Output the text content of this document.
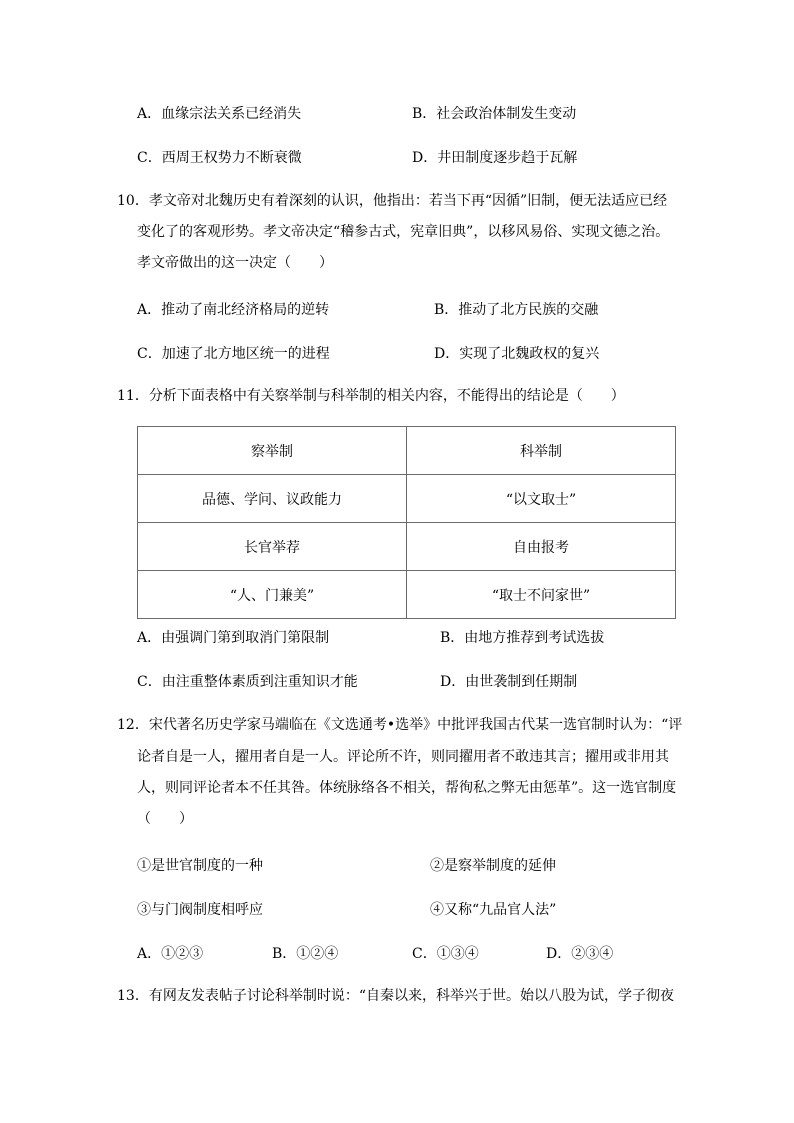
A．血缘宗法关系已经消失	B．社会政治体制发生变动
C．西周王权势力不断衰微	D．井田制度逐步趋于瓦解
10．孝文帝对北魏历史有着深刻的认识，他指出：若当下再“因循”旧制，便无法适应已经
变化了的客观形势。孝文帝决定“稽参古式，宪章旧典”，以移风易俗、实现文德之治。
孝文帝做出的这一决定（　　）
A．推动了南北经济格局的逆转	B．推动了北方民族的交融
C．加速了北方地区统一的进程	D．实现了北魏政权的复兴
11．分析下面表格中有关察举制与科举制的相关内容，不能得出的结论是（　　）
察举制	科举制
品德、学问、议政能力	“以文取士”
长官举荐	自由报考
“人、门兼美”	“取士不问家世”
A．由强调门第到取消门第限制	B．由地方推荐到考试选拔
C．由注重整体素质到注重知识才能	D．由世袭制到任期制
12．宋代著名历史学家马端临在《文选通考•选举》中批评我国古代某一选官制时认为：“评
论者自是一人，擢用者自是一人。评论所不许，则同擢用者不敢违其言；擢用或非用其
人，则同评论者本不任其咎。体统脉络各不相关，帮徇私之弊无由惩革”。这一选官制度
（　　）
①是世官制度的一种	②是察举制度的延伸
③与门阀制度相呼应	④又称“九品官人法”
A．①②③	B．①②④	C．①③④	D．②③④
13．有网友发表帖子讨论科举制时说：“自秦以来，科举兴于世。始以八股为试，学子彻夜
